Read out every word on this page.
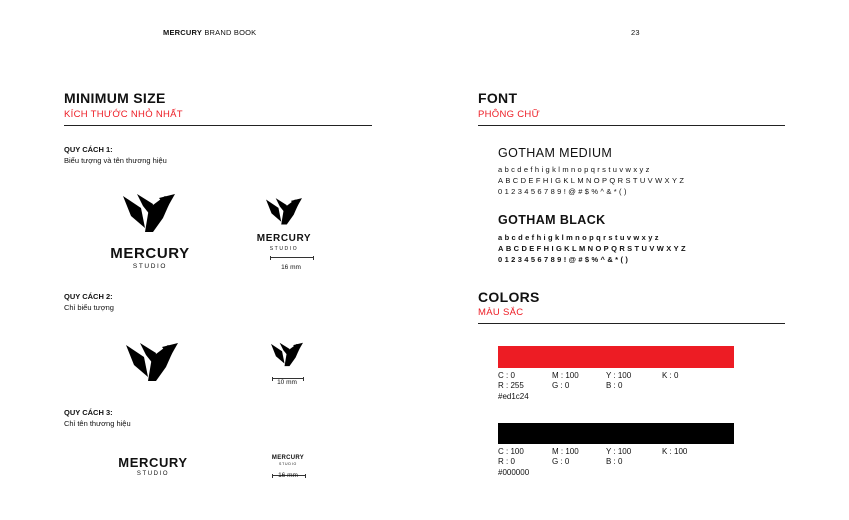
MERCURY BRAND BOOK	23
MINIMUM SIZE
KÍCH THƯỚC NHỎ NHẤT
QUY CÁCH 1:
Biểu tượng và tên thương hiệu
MERCURY
STUDIO
MERCURY
STUDIO
16 mm
QUY CÁCH 2:
Chỉ biểu tượng
10 mm
QUY CÁCH 3:
Chỉ tên thương hiệu
MERCURY
STUDIO
MERCURY
STUDIO
16 mm
FONT
PHÔNG CHỮ
GOTHAM MEDIUM
abcdefhigklmnopqrstuvwxyz
ABCDEFHIGKLMNOPQRSTUVWXYZ
0123456789!@#$%^&*()
GOTHAM BLACK
abcdefhigklmnopqrstuvwxyz
ABCDEFHIGKLMNOPQRSTUVWXYZ
0123456789!@#$%^&*()
COLORS
MÀU SẮC
C : 0	M : 100	Y : 100	K : 0
R : 255	G : 0	B : 0
#ed1c24
C : 100	M : 100	Y : 100	K : 100
R : 0	G : 0	B : 0
#000000
